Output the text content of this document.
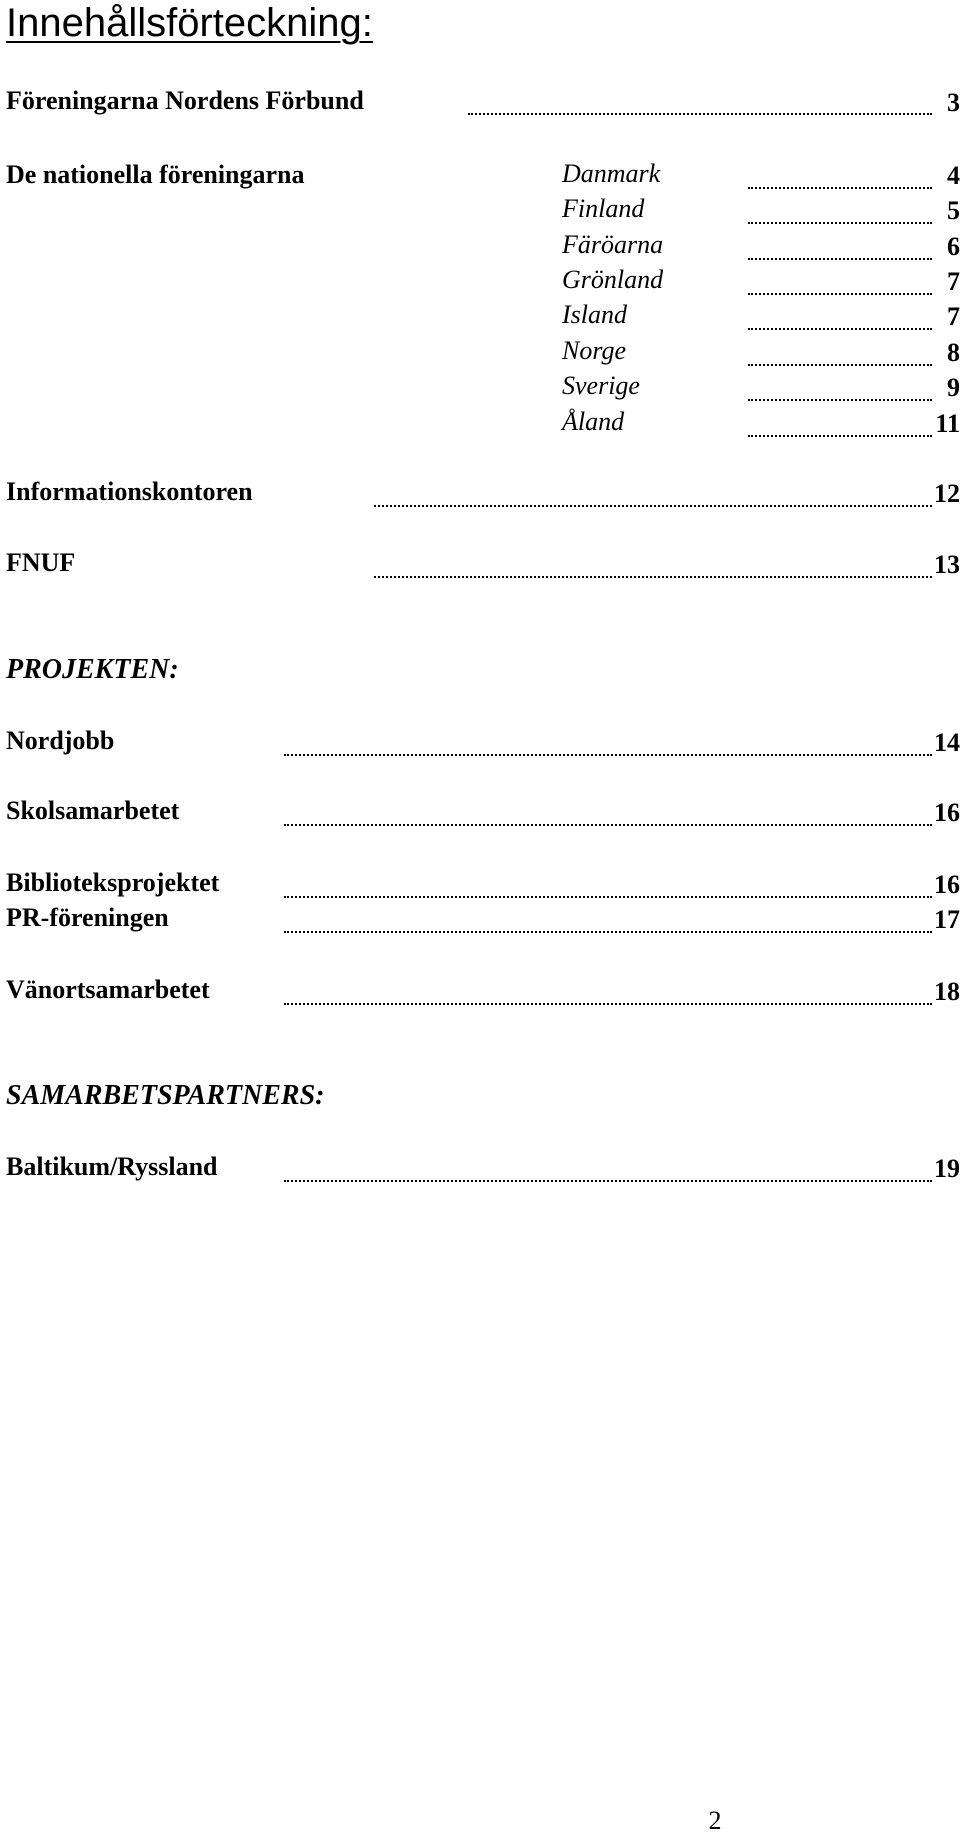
Innehållsförteckning:
Föreningarna Nordens Förbund	3
De nationella föreningarna	Danmark	4
Finland	5
Färöarna	6
Grönland	7
Island	7
Norge	8
Sverige	9
Åland	11
Informationskontoren	12
FNUF	13
PROJEKTEN:
Nordjobb	14
Skolsamarbetet	16
Biblioteksprojektet	16
PR-föreningen	17
Vänortsamarbetet	18
SAMARBETSPARTNERS:
Baltikum/Ryssland	19
2
